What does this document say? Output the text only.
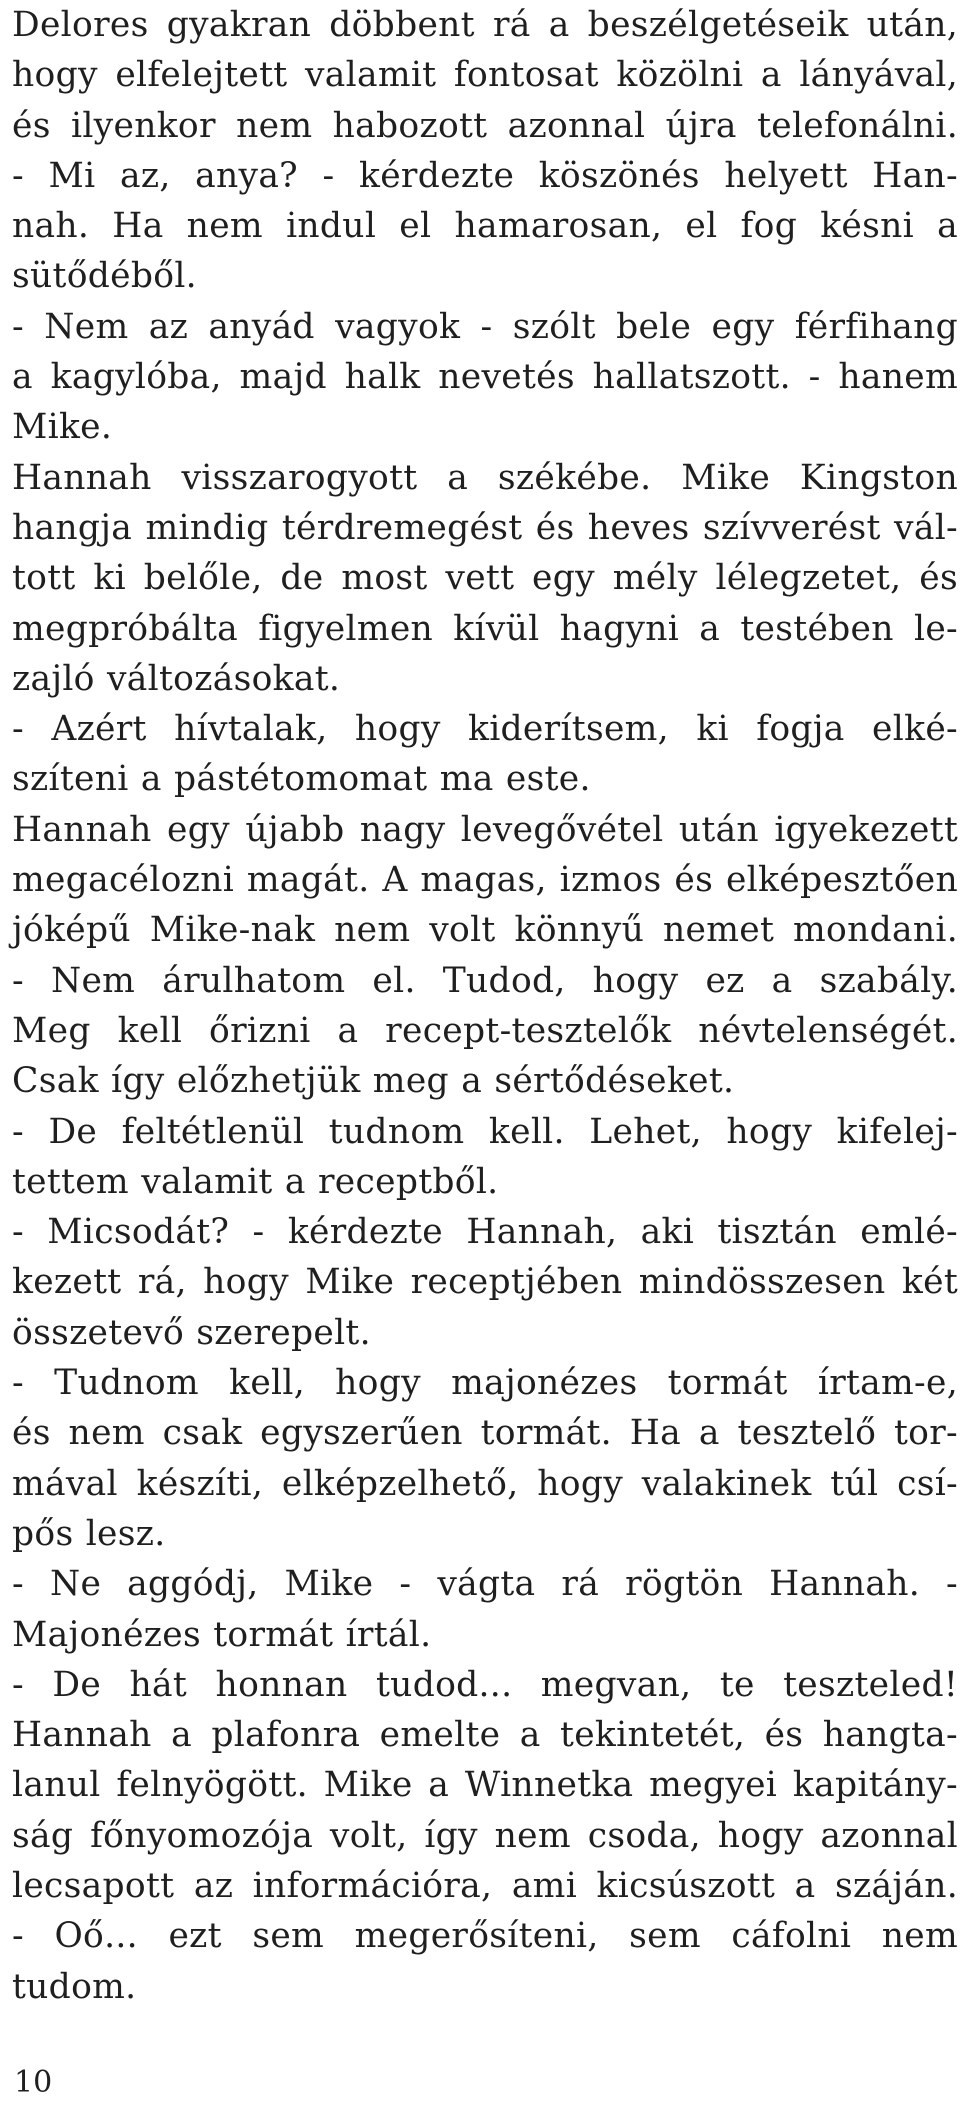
Delores gyakran döbbent rá a beszélgetéseik után,
hogy elfelejtett valamit fontosat közölni a lányával,
és ilyenkor nem habozott azonnal újra telefonálni.
- Mi az, anya? - kérdezte köszönés helyett Han-
nah. Ha nem indul el hamarosan, el fog késni a
sütődéből.
- Nem az anyád vagyok - szólt bele egy férfihang
a kagylóba, majd halk nevetés hallatszott. - hanem
Mike.
Hannah visszarogyott a székébe. Mike Kingston
hangja mindig térdremegést és heves szívverést vál-
tott ki belőle, de most vett egy mély lélegzetet, és
megpróbálta figyelmen kívül hagyni a testében le-
zajló változásokat.
- Azért hívtalak, hogy kiderítsem, ki fogja elké-
szíteni a pástétomomat ma este.
Hannah egy újabb nagy levegővétel után igyekezett
megacélozni magát. A magas, izmos és elképesztően
jóképű Mike-nak nem volt könnyű nemet mondani.
- Nem árulhatom el. Tudod, hogy ez a szabály.
Meg kell őrizni a recept-tesztelők névtelenségét.
Csak így előzhetjük meg a sértődéseket.
- De feltétlenül tudnom kell. Lehet, hogy kifelej-
tettem valamit a receptből.
- Micsodát? - kérdezte Hannah, aki tisztán emlé-
kezett rá, hogy Mike receptjében mindösszesen két
összetevő szerepelt.
- Tudnom kell, hogy majonézes tormát írtam-e,
és nem csak egyszerűen tormát. Ha a tesztelő tor-
mával készíti, elképzelhető, hogy valakinek túl csí-
pős lesz.
- Ne aggódj, Mike - vágta rá rögtön Hannah. -
Majonézes tormát írtál.
- De hát honnan tudod... megvan, te teszteled!
Hannah a plafonra emelte a tekintetét, és hangta-
lanul felnyögött. Mike a Winnetka megyei kapitány-
ság főnyomozója volt, így nem csoda, hogy azonnal
lecsapott az információra, ami kicsúszott a száján.
- Oő... ezt sem megerősíteni, sem cáfolni nem
tudom.
10
